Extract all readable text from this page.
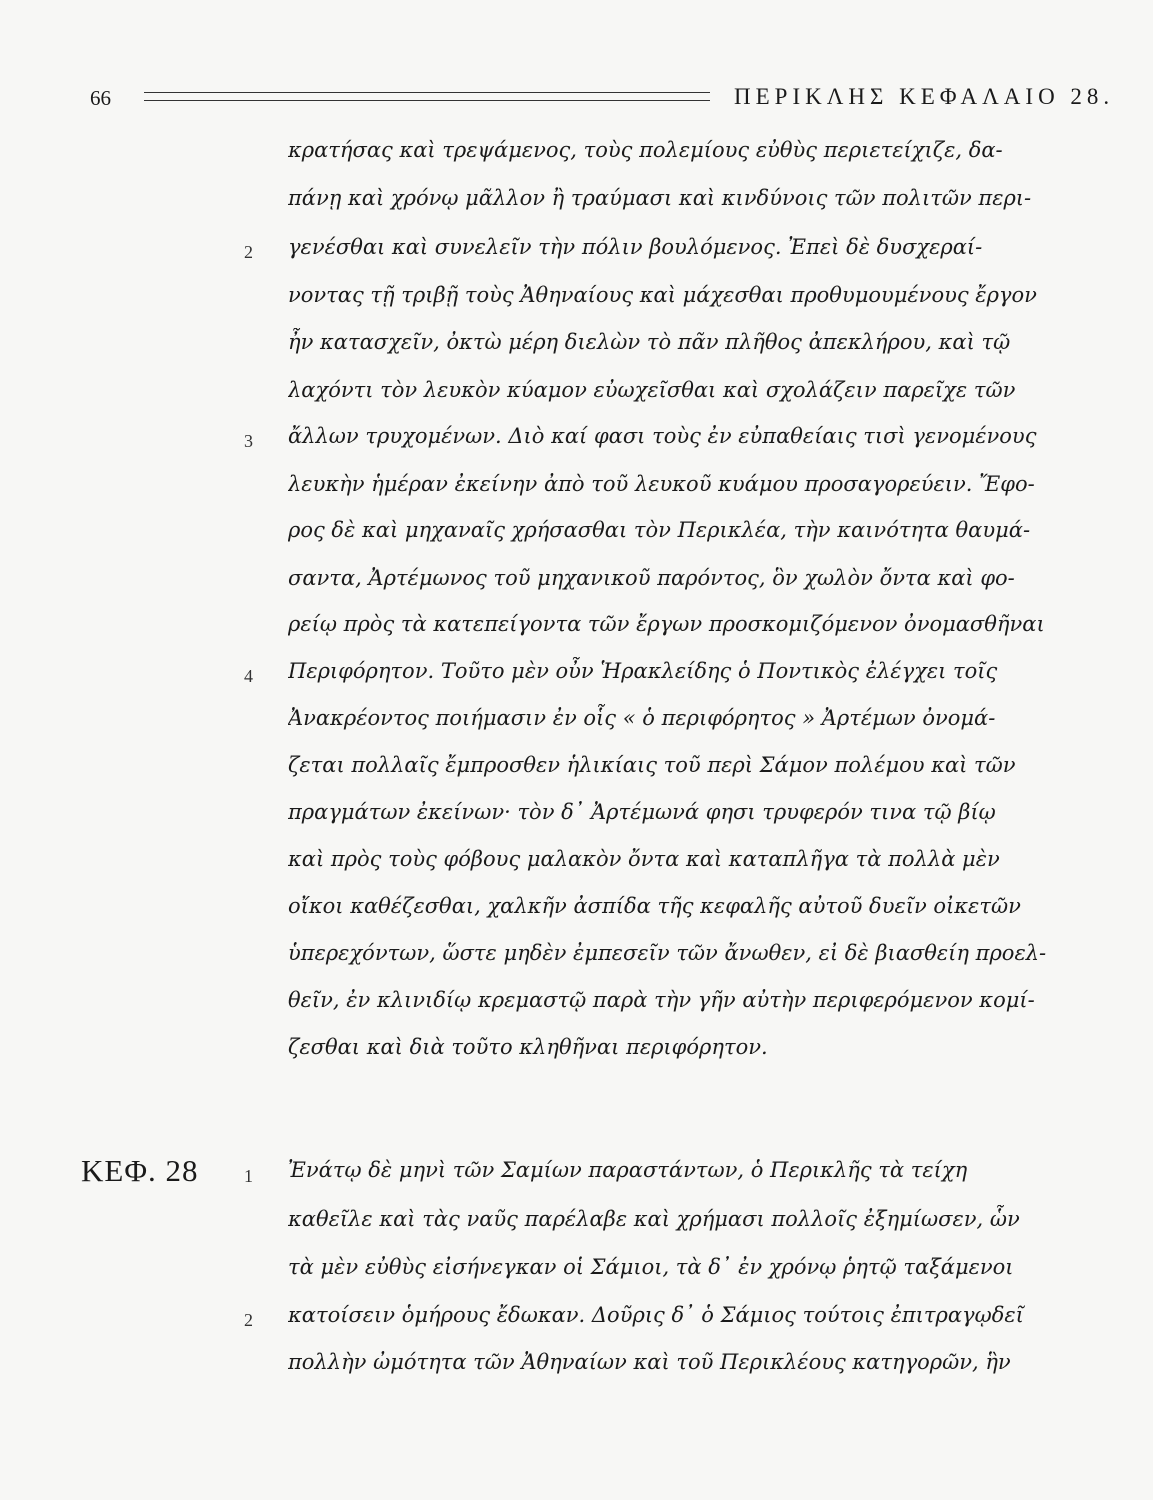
66	ΠΕΡΙΚΛΗΣ ΚΕΦΑΛΑΙΟ 28.
κρατήσας καὶ τρεψάμενος, τοὺς πολεμίους εὐθὺς περιετείχιζε, δα-
πάνῃ καὶ χρόνῳ μᾶλλον ἢ τραύμασι καὶ κινδύνοις τῶν πολιτῶν περι-
2 γενέσθαι καὶ συνελεῖν τὴν πόλιν βουλόμενος. Ἐπεὶ δὲ δυσχεραί-
νοντας τῇ τριβῇ τοὺς Ἀθηναίους καὶ μάχεσθαι προθυμουμένους ἔργον
ἦν κατασχεῖν, ὀκτὼ μέρη διελὼν τὸ πᾶν πλῆθος ἀπεκλήρου, καὶ τῷ
λαχόντι τὸν λευκὸν κύαμον εὐωχεῖσθαι καὶ σχολάζειν παρεῖχε τῶν
3 ἄλλων τρυχομένων. Διὸ καί φασι τοὺς ἐν εὐπαθείαις τισὶ γενομένους
λευκὴν ἡμέραν ἐκείνην ἀπὸ τοῦ λευκοῦ κυάμου προσαγορεύειν. Ἔφο-
ρος δὲ καὶ μηχαναῖς χρήσασθαι τὸν Περικλέα, τὴν καινότητα θαυμά-
σαντα, Ἀρτέμωνος τοῦ μηχανικοῦ παρόντος, ὃν χωλὸν ὄντα καὶ φο-
ρείῳ πρὸς τὰ κατεπείγοντα τῶν ἔργων προσκομιζόμενον ὀνομασθῆναι
4 Περιφόρητον. Τοῦτο μὲν οὖν Ἡρακλείδης ὁ Ποντικὸς ἐλέγχει τοῖς
Ἀνακρέοντος ποιήμασιν ἐν οἷς « ὁ περιφόρητος » Ἀρτέμων ὀνομά-
ζεται πολλαῖς ἔμπροσθεν ἡλικίαις τοῦ περὶ Σάμον πολέμου καὶ τῶν
πραγμάτων ἐκείνων· τὸν δ᾽ Ἀρτέμωνά φησι τρυφερόν τινα τῷ βίῳ
καὶ πρὸς τοὺς φόβους μαλακὸν ὄντα καὶ καταπλῆγα τὰ πολλὰ μὲν
οἴκοι καθέζεσθαι, χαλκῆν ἀσπίδα τῆς κεφαλῆς αὐτοῦ δυεῖν οἰκετῶν
ὑπερεχόντων, ὥστε μηδὲν ἐμπεσεῖν τῶν ἄνωθεν, εἰ δὲ βιασθείη προελ-
θεῖν, ἐν κλινιδίῳ κρεμαστῷ παρὰ τὴν γῆν αὐτὴν περιφερόμενον κομί-
ζεσθαι καὶ διὰ τοῦτο κληθῆναι περιφόρητον.
ΚΕΦ. 28	1 Ἐνάτῳ δὲ μηνὶ τῶν Σαμίων παραστάντων, ὁ Περικλῆς τὰ τείχη
καθεῖλε καὶ τὰς ναῦς παρέλαβε καὶ χρήμασι πολλοῖς ἐξημίωσεν, ὧν
τὰ μὲν εὐθὺς εἰσήνεγκαν οἱ Σάμιοι, τὰ δ᾽ ἐν χρόνῳ ῥητῷ ταξάμενοι
2 κατοίσειν ὁμήρους ἔδωκαν. Δοῦρις δ᾽ ὁ Σάμιος τούτοις ἐπιτραγῳδεῖ
πολλὴν ὠμότητα τῶν Ἀθηναίων καὶ τοῦ Περικλέους κατηγορῶν, ἣν
